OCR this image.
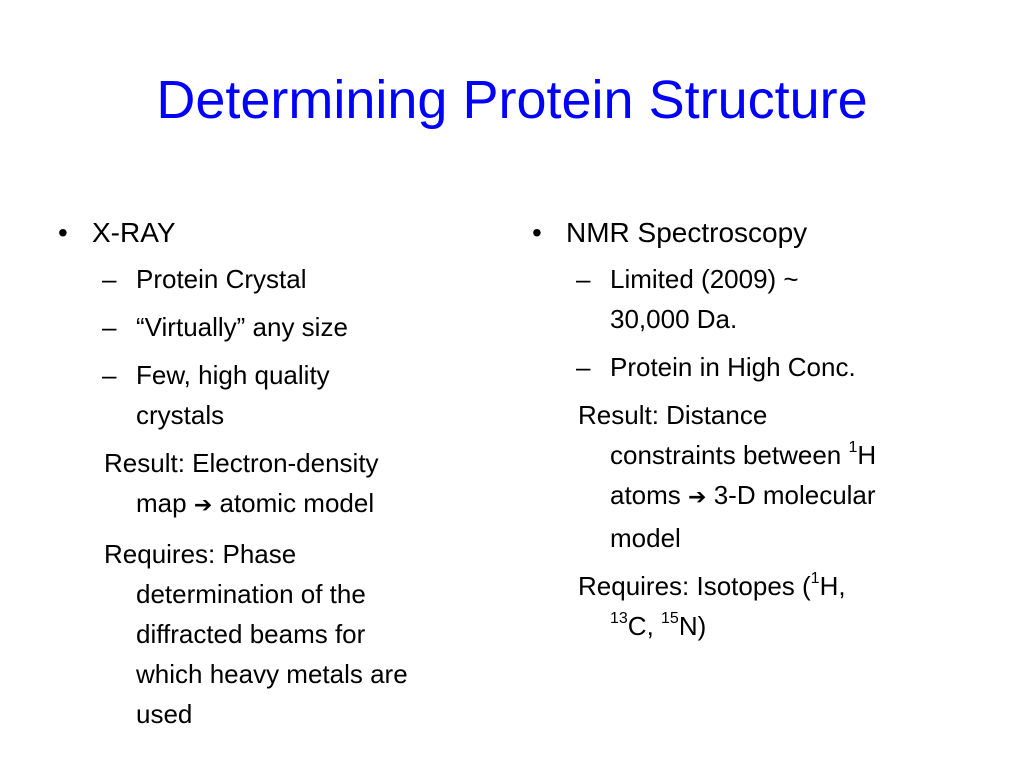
Determining Protein Structure
• X-RAY
– Protein Crystal
– “Virtually” any size
– Few, high quality
crystals
Result: Electron-density
map ➔ atomic model
Requires: Phase
determination of the
diffracted beams for
which heavy metals are
used
• NMR Spectroscopy
– Limited (2009) ~
30,000 Da.
– Protein in High Conc.
Result: Distance
constraints between $^1$H
atoms ➔ 3-D molecular
model
Requires: Isotopes ($^1$H,
$^{13}$C, $^{15}$N)
